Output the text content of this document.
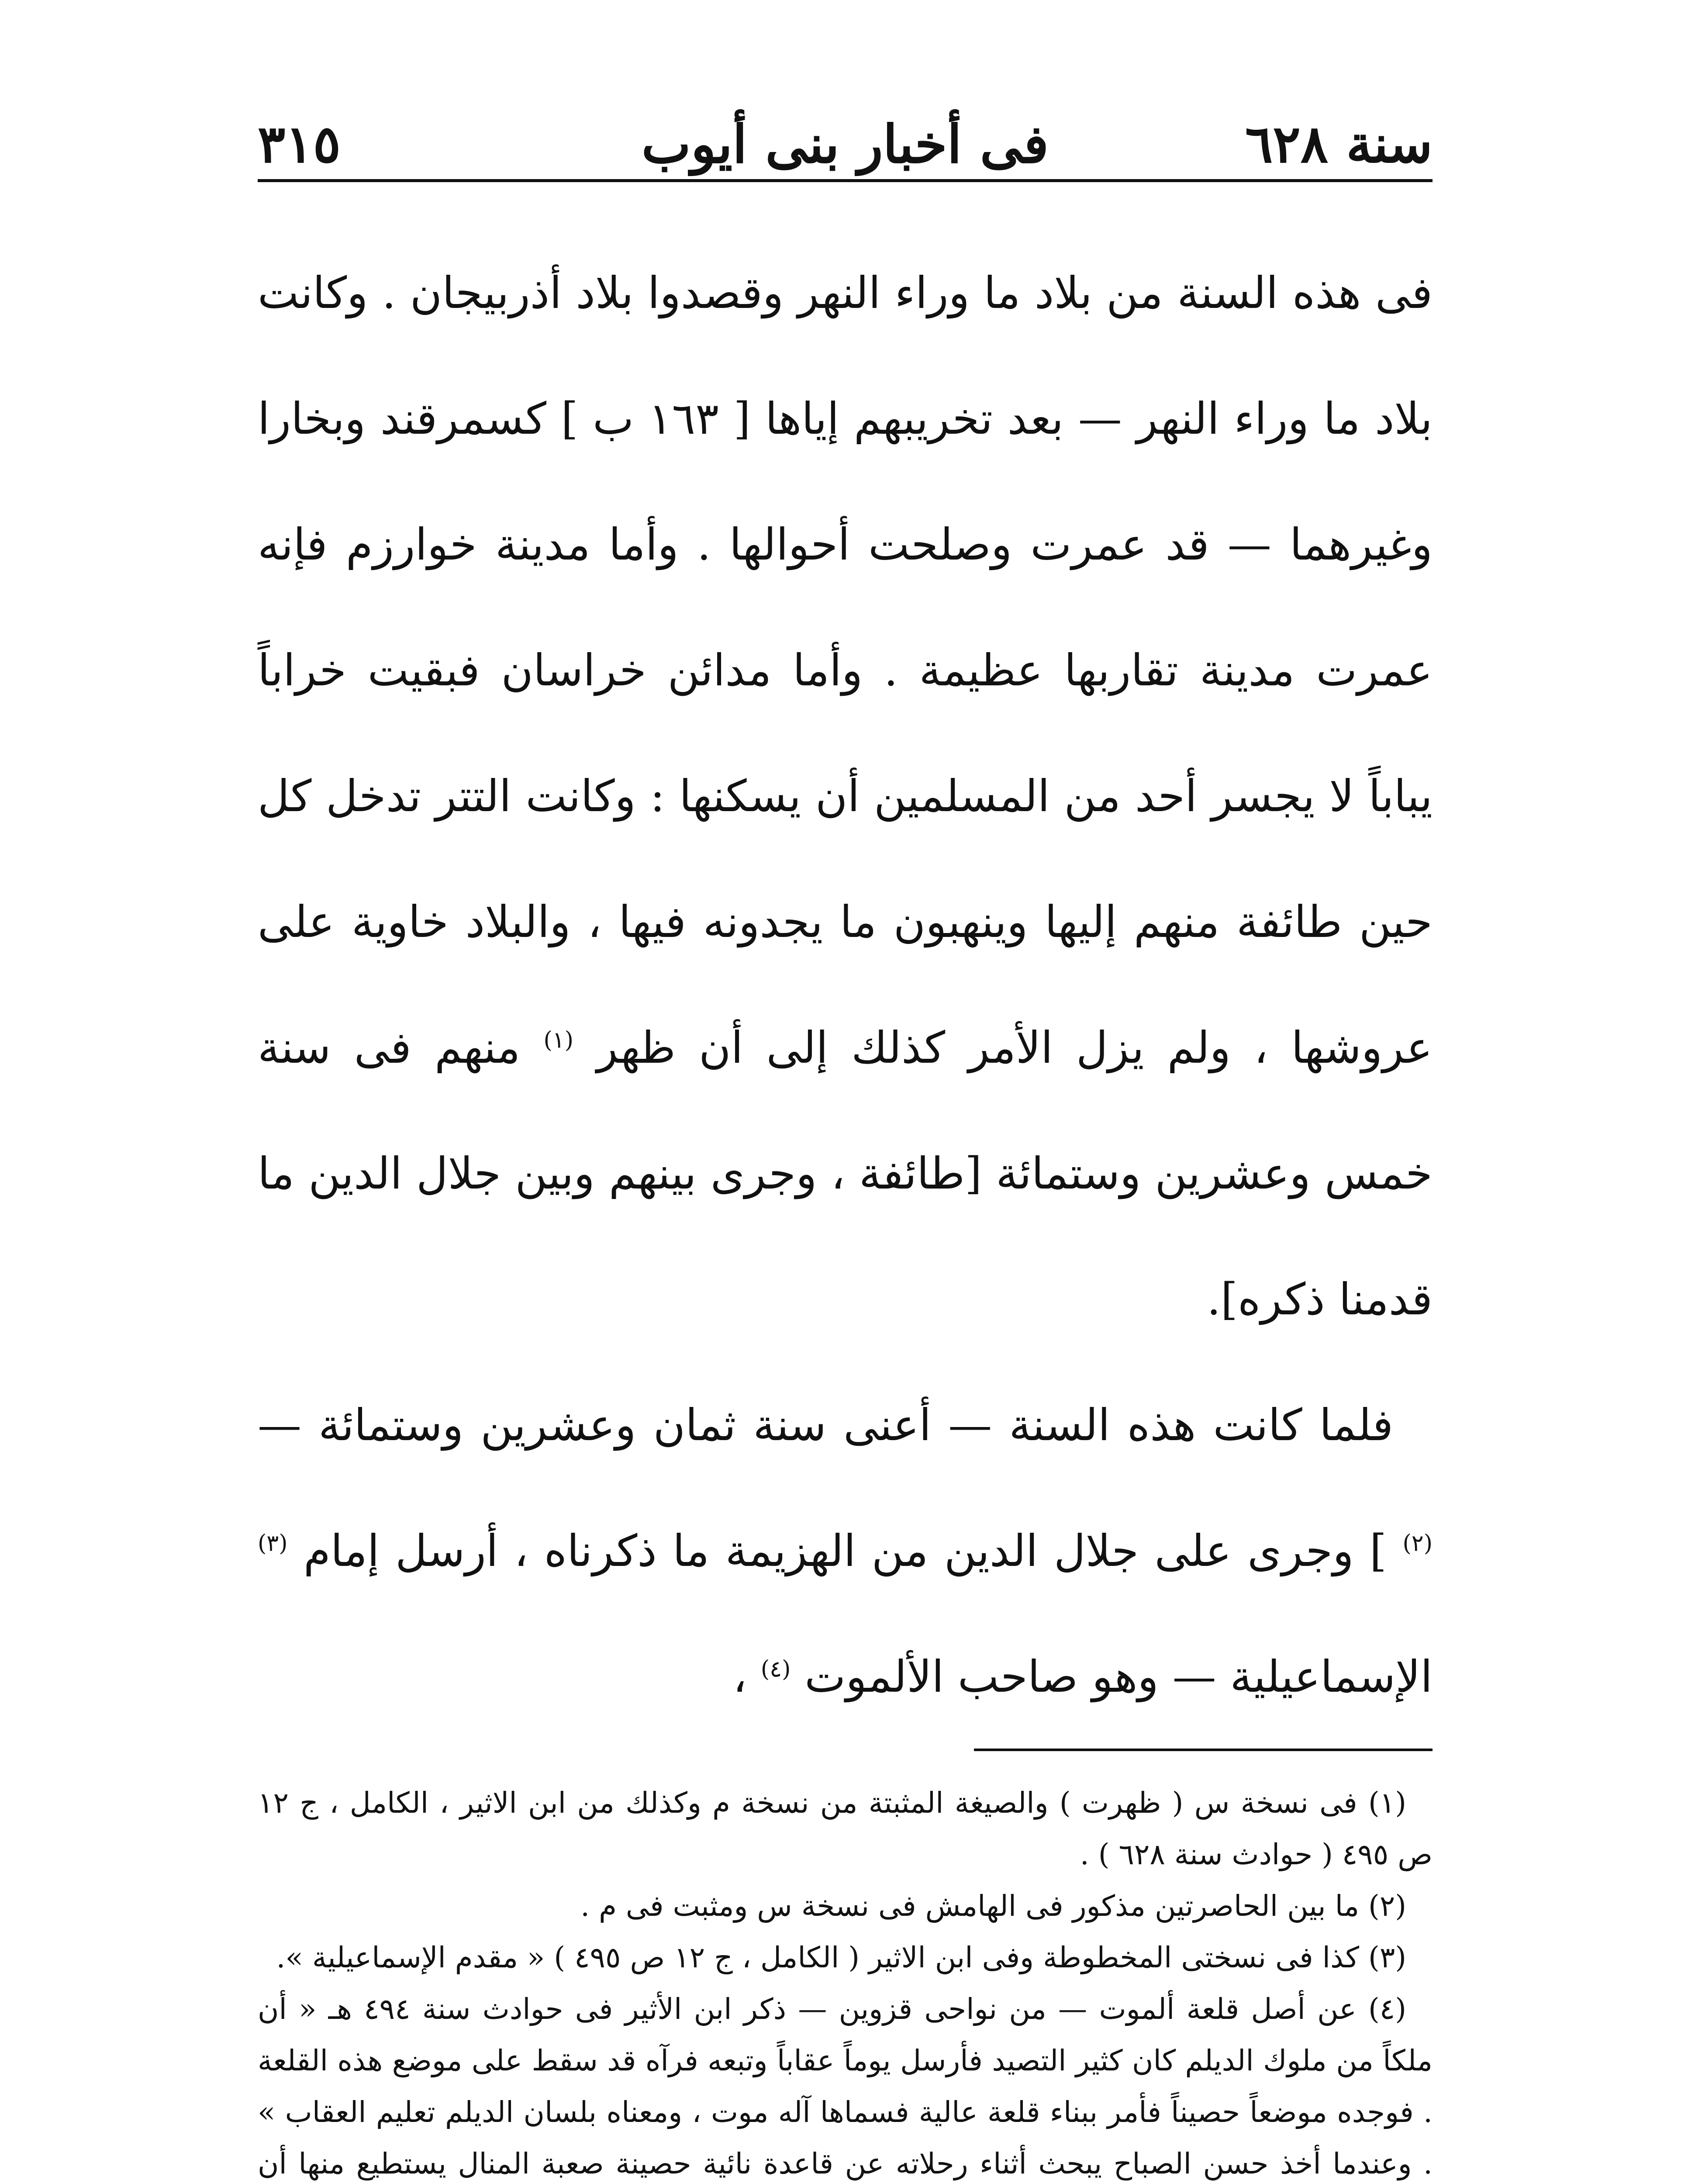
سنة ٦٢٨
فى أخبار بنى أيوب
٣١٥

فى هذه السنة من بلاد ما وراء النهر وقصدوا بلاد أذربيجان . وكانت بلاد ما وراء النهر — بعد تخريبهم إياها [ ١٦٣ ب ] كسمرقند وبخارا وغيرهما — قد عمرت وصلحت أحوالها . وأما مدينة خوارزم فإنه عمرت مدينة تقاربها عظيمة . وأما مدائن خراسان فبقيت خراباً يباباً لا يجسر أحد من المسلمين أن يسكنها : وكانت التتر تدخل كل حين طائفة منهم إليها وينهبون ما يجدونه فيها ، والبلاد خاوية على عروشها ، ولم يزل الأمر كذلك إلى أن ظهر $^{(١)}$ منهم فى سنة خمس وعشرين وستمائة [طائفة ، وجرى بينهم وبين جلال الدين ما قدمنا ذكره].

فلما كانت هذه السنة — أعنى سنة ثمان وعشرين وستمائة — $^{(٢)}$ ] وجرى على جلال الدين من الهزيمة ما ذكرناه ، أرسل إمام $^{(٣)}$ الإسماعيلية — وهو صاحب الألموت $^{(٤)}$ ،

(١) فى نسخة س ( ظهرت ) والصيغة المثبتة من نسخة م وكذلك من ابن الاثير ، الكامل ، ج ١٢ ص ٤٩٥ ( حوادث سنة ٦٢٨ ) .

(٢) ما بين الحاصرتين مذكور فى الهامش فى نسخة س ومثبت فى م .

(٣) كذا فى نسختى المخطوطة وفى ابن الاثير ( الكامل ، ج ١٢ ص ٤٩٥ ) « مقدم الإسماعيلية ».

(٤) عن أصل قلعة ألموت — من نواحى قزوين — ذكر ابن الأثير فى حوادث سنة ٤٩٤ هـ « أن ملكاً من ملوك الديلم كان كثير التصيد فأرسل يوماً عقاباً وتبعه فرآه قد سقط على موضع هذه القلعة . فوجده موضعاً حصيناً فأمر ببناء قلعة عالية فسماها آله موت ، ومعناه بلسان الديلم تعليم العقاب » . وعندما أخذ حسن الصباح يبحث أثناء رحلاته عن قاعدة نائية حصينة صعبة المنال يستطيع منها أن
